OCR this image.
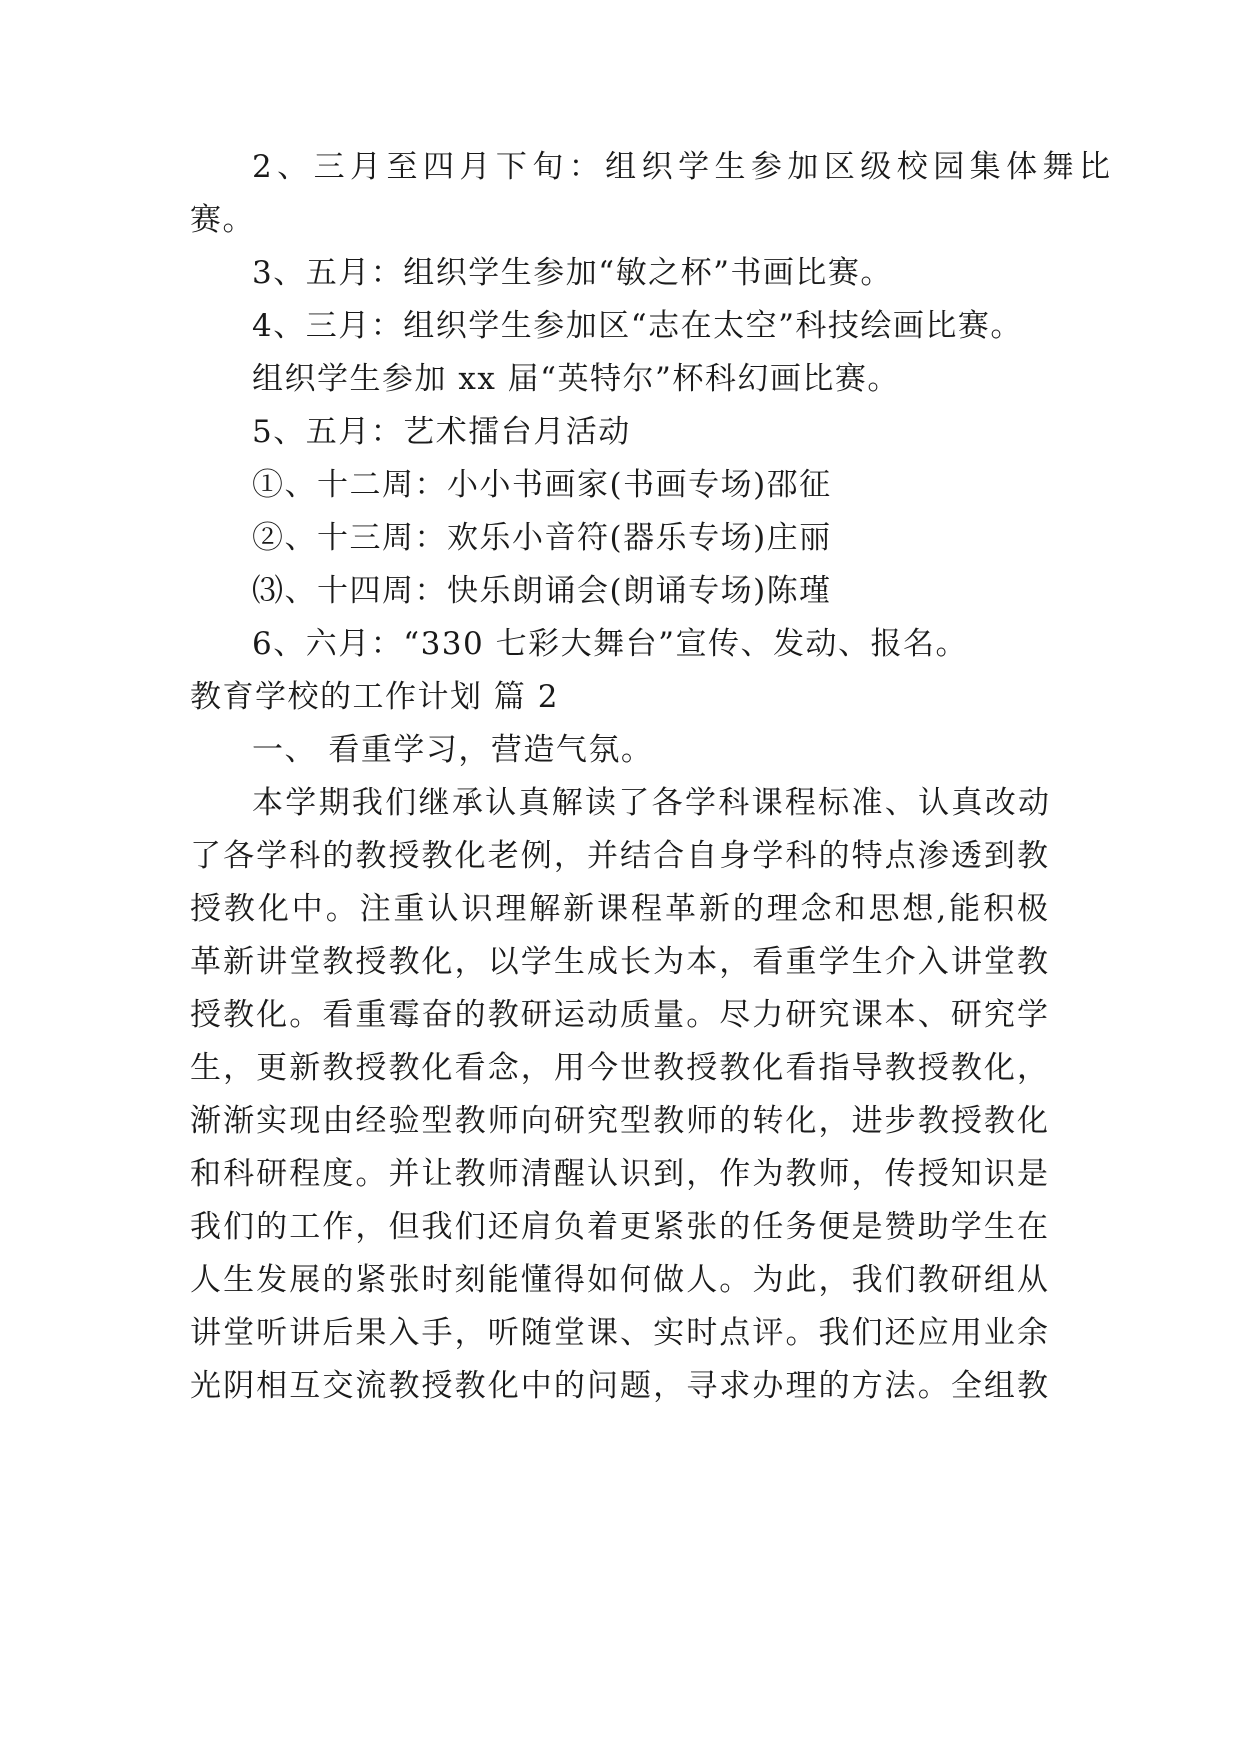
2、三月至四月下旬：组织学生参加区级校园集体舞比
赛。
3、五月：组织学生参加“敏之杯”书画比赛。
4、三月：组织学生参加区“志在太空”科技绘画比赛。
组织学生参加 xx 届“英特尔”杯科幻画比赛。
5、五月：艺术擂台月活动
①、十二周：小小书画家(书画专场)邵征
②、十三周：欢乐小音符(器乐专场)庄丽
⑶、十四周：快乐朗诵会(朗诵专场)陈瑾
6、六月：“330 七彩大舞台”宣传、发动、报名。
教育学校的工作计划 篇 2
一、 看重学习，营造气氛。
本学期我们继承认真解读了各学科课程标准、认真改动
了各学科的教授教化老例，并结合自身学科的特点渗透到教
授教化中。注重认识理解新课程革新的理念和思想,能积极
革新讲堂教授教化，以学生成长为本，看重学生介入讲堂教
授教化。看重霉奋的教研运动质量。尽力研究课本、研究学
生，更新教授教化看念，用今世教授教化看指导教授教化，
渐渐实现由经验型教师向研究型教师的转化，进步教授教化
和科研程度。并让教师清醒认识到，作为教师，传授知识是
我们的工作，但我们还肩负着更紧张的任务便是赞助学生在
人生发展的紧张时刻能懂得如何做人。为此，我们教研组从
讲堂听讲后果入手，听随堂课、实时点评。我们还应用业余
光阴相互交流教授教化中的问题，寻求办理的方法。全组教
